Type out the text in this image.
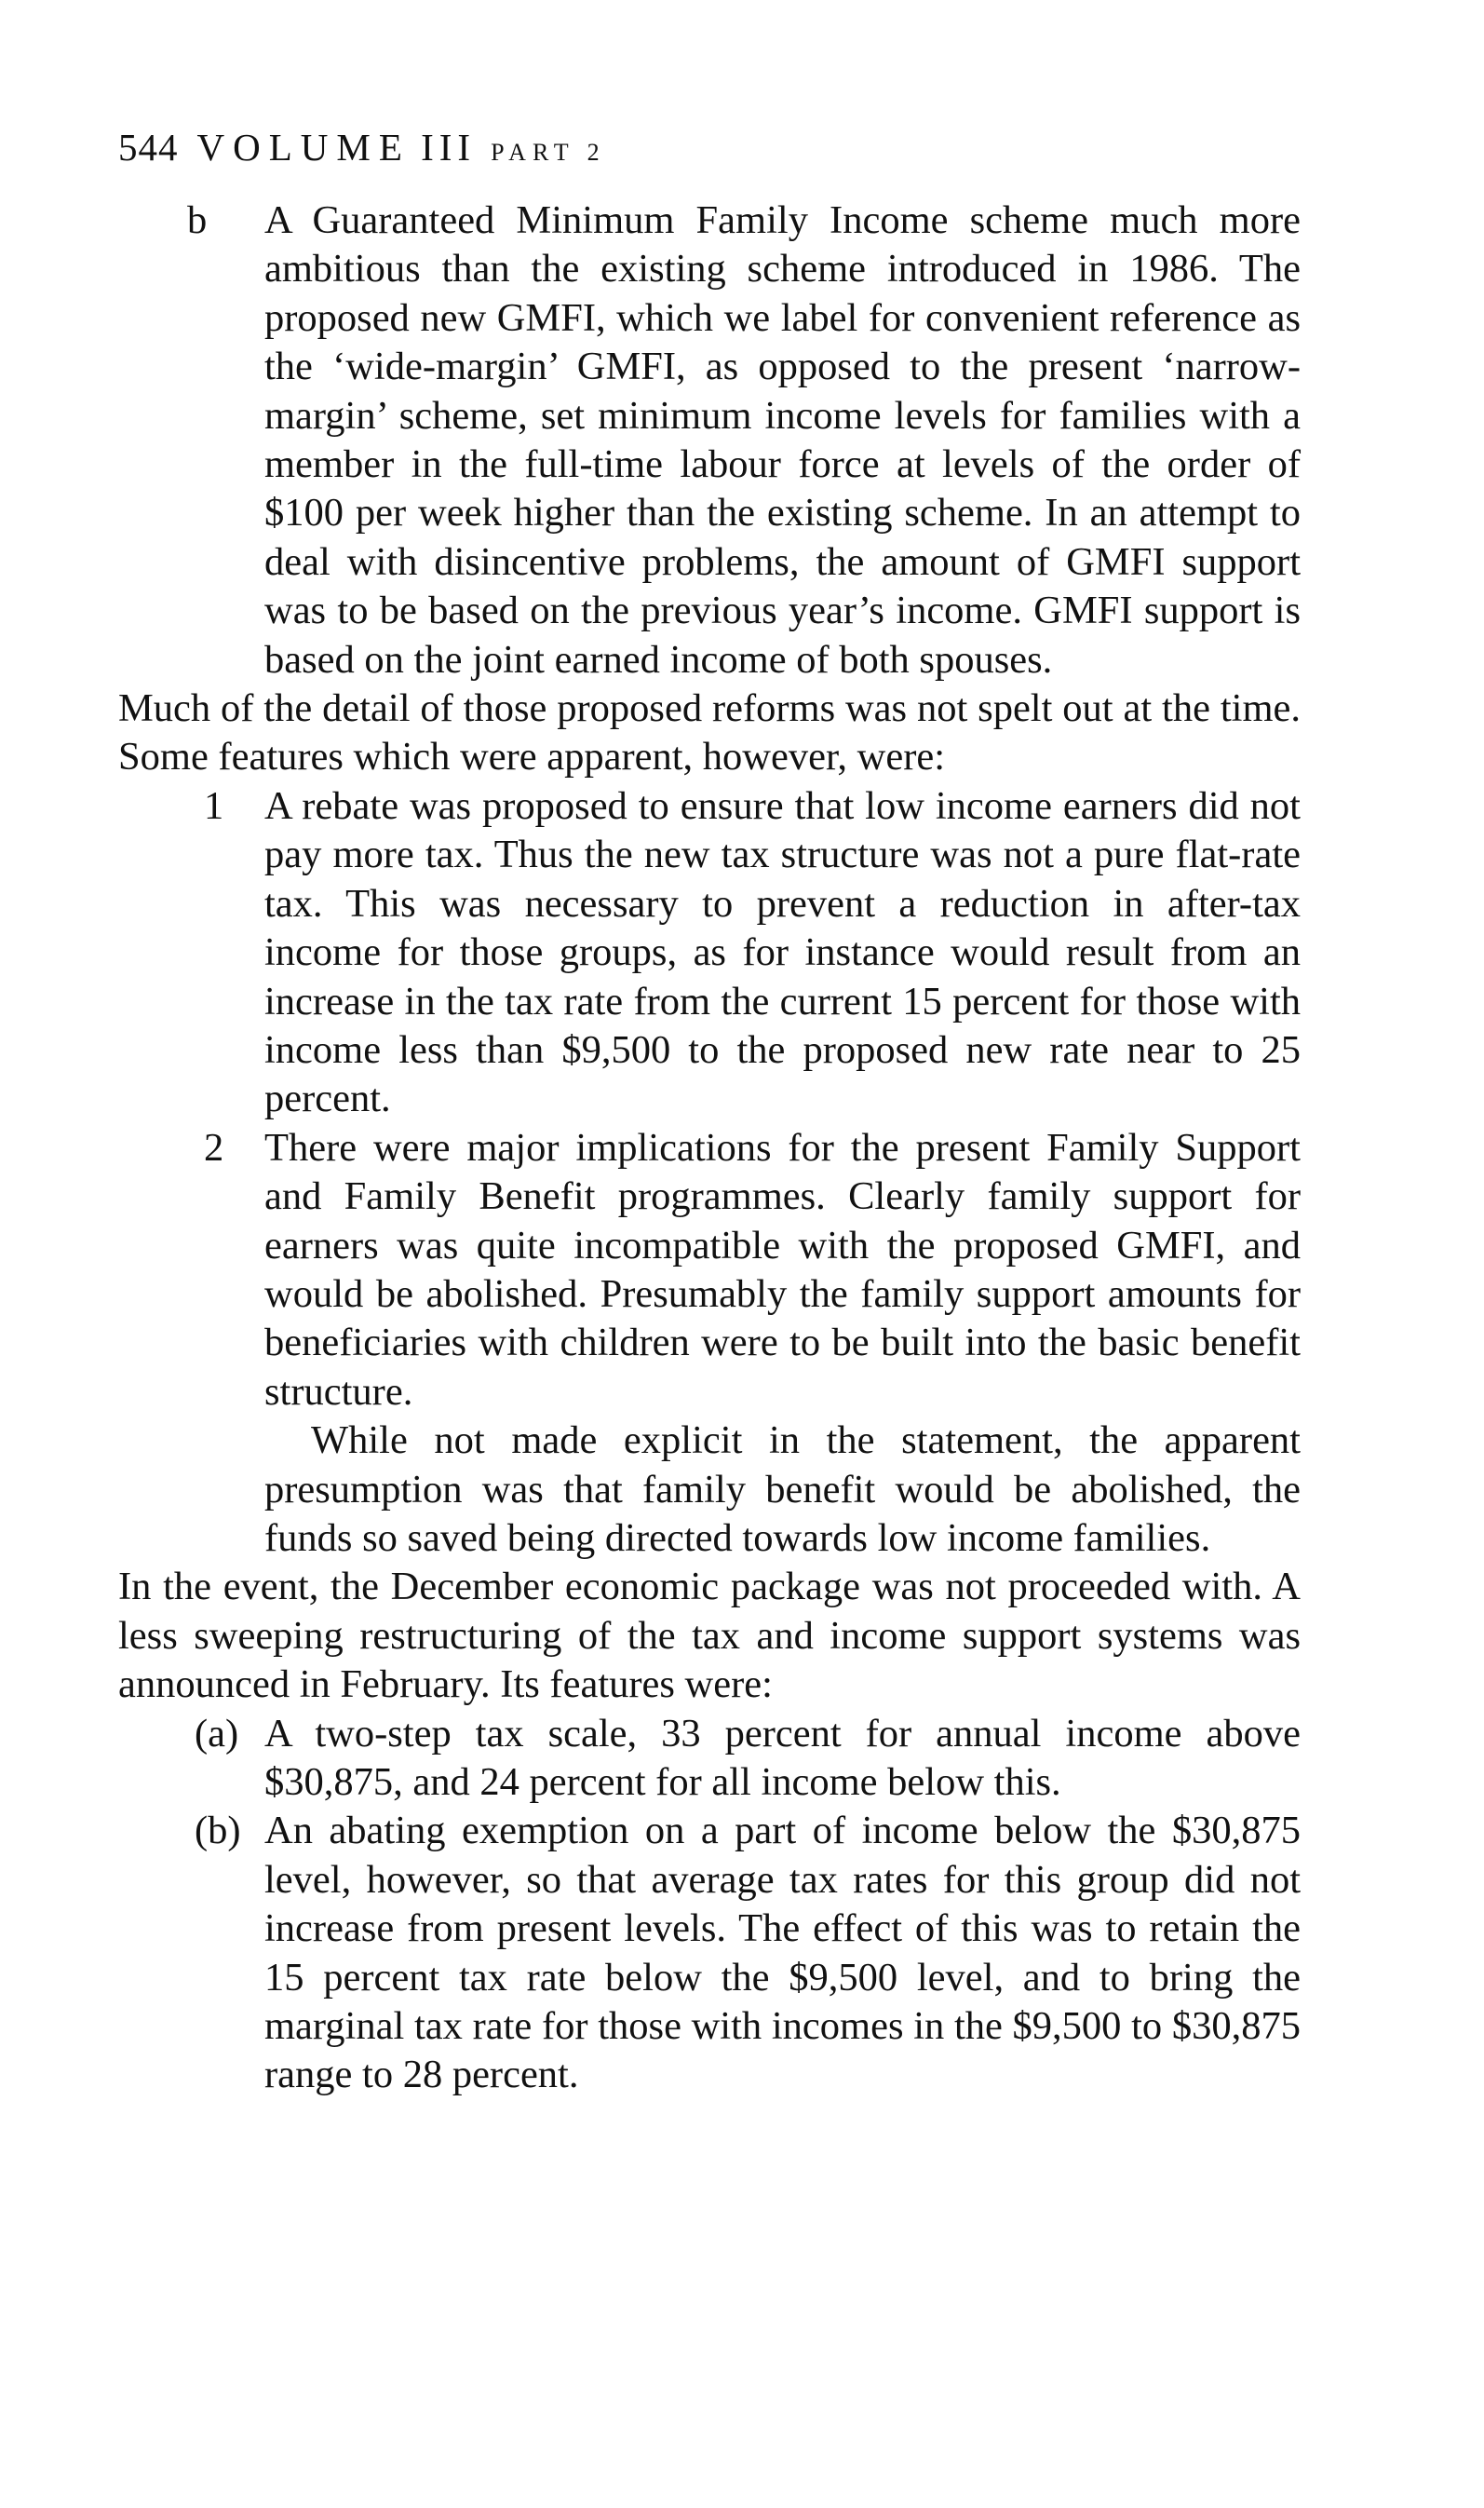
544 VOLUME III PART 2
b	A Guaranteed Minimum Family Income scheme much more ambitious than the existing scheme introduced in 1986. The proposed new GMFI, which we label for convenient reference as the ‘wide-margin’ GMFI, as opposed to the present ‘narrow-margin’ scheme, set minimum income levels for families with a member in the full-time labour force at levels of the order of $100 per week higher than the existing scheme. In an attempt to deal with disincentive problems, the amount of GMFI support was to be based on the previous year’s income. GMFI support is based on the joint earned income of both spouses.

Much of the detail of those proposed reforms was not spelt out at the time. Some features which were apparent, however, were:

1	A rebate was proposed to ensure that low income earners did not pay more tax. Thus the new tax structure was not a pure flat-rate tax. This was necessary to prevent a reduction in after-tax income for those groups, as for instance would result from an increase in the tax rate from the current 15 percent for those with income less than $9,500 to the proposed new rate near to 25 percent.
2	There were major implications for the present Family Support and Family Benefit programmes. Clearly family support for earners was quite incompatible with the proposed GMFI, and would be abolished. Presumably the family support amounts for beneficiaries with children were to be built into the basic benefit structure.
While not made explicit in the statement, the apparent presumption was that family benefit would be abolished, the funds so saved being directed towards low income families.

In the event, the December economic package was not proceeded with. A less sweeping restructuring of the tax and income support systems was announced in February. Its features were:

(a) A two-step tax scale, 33 percent for annual income above $30,875, and 24 percent for all income below this.
(b) An abating exemption on a part of income below the $30,875 level, however, so that average tax rates for this group did not increase from present levels. The effect of this was to retain the 15 percent tax rate below the $9,500 level, and to bring the marginal tax rate for those with incomes in the $9,500 to $30,875 range to 28 percent.
